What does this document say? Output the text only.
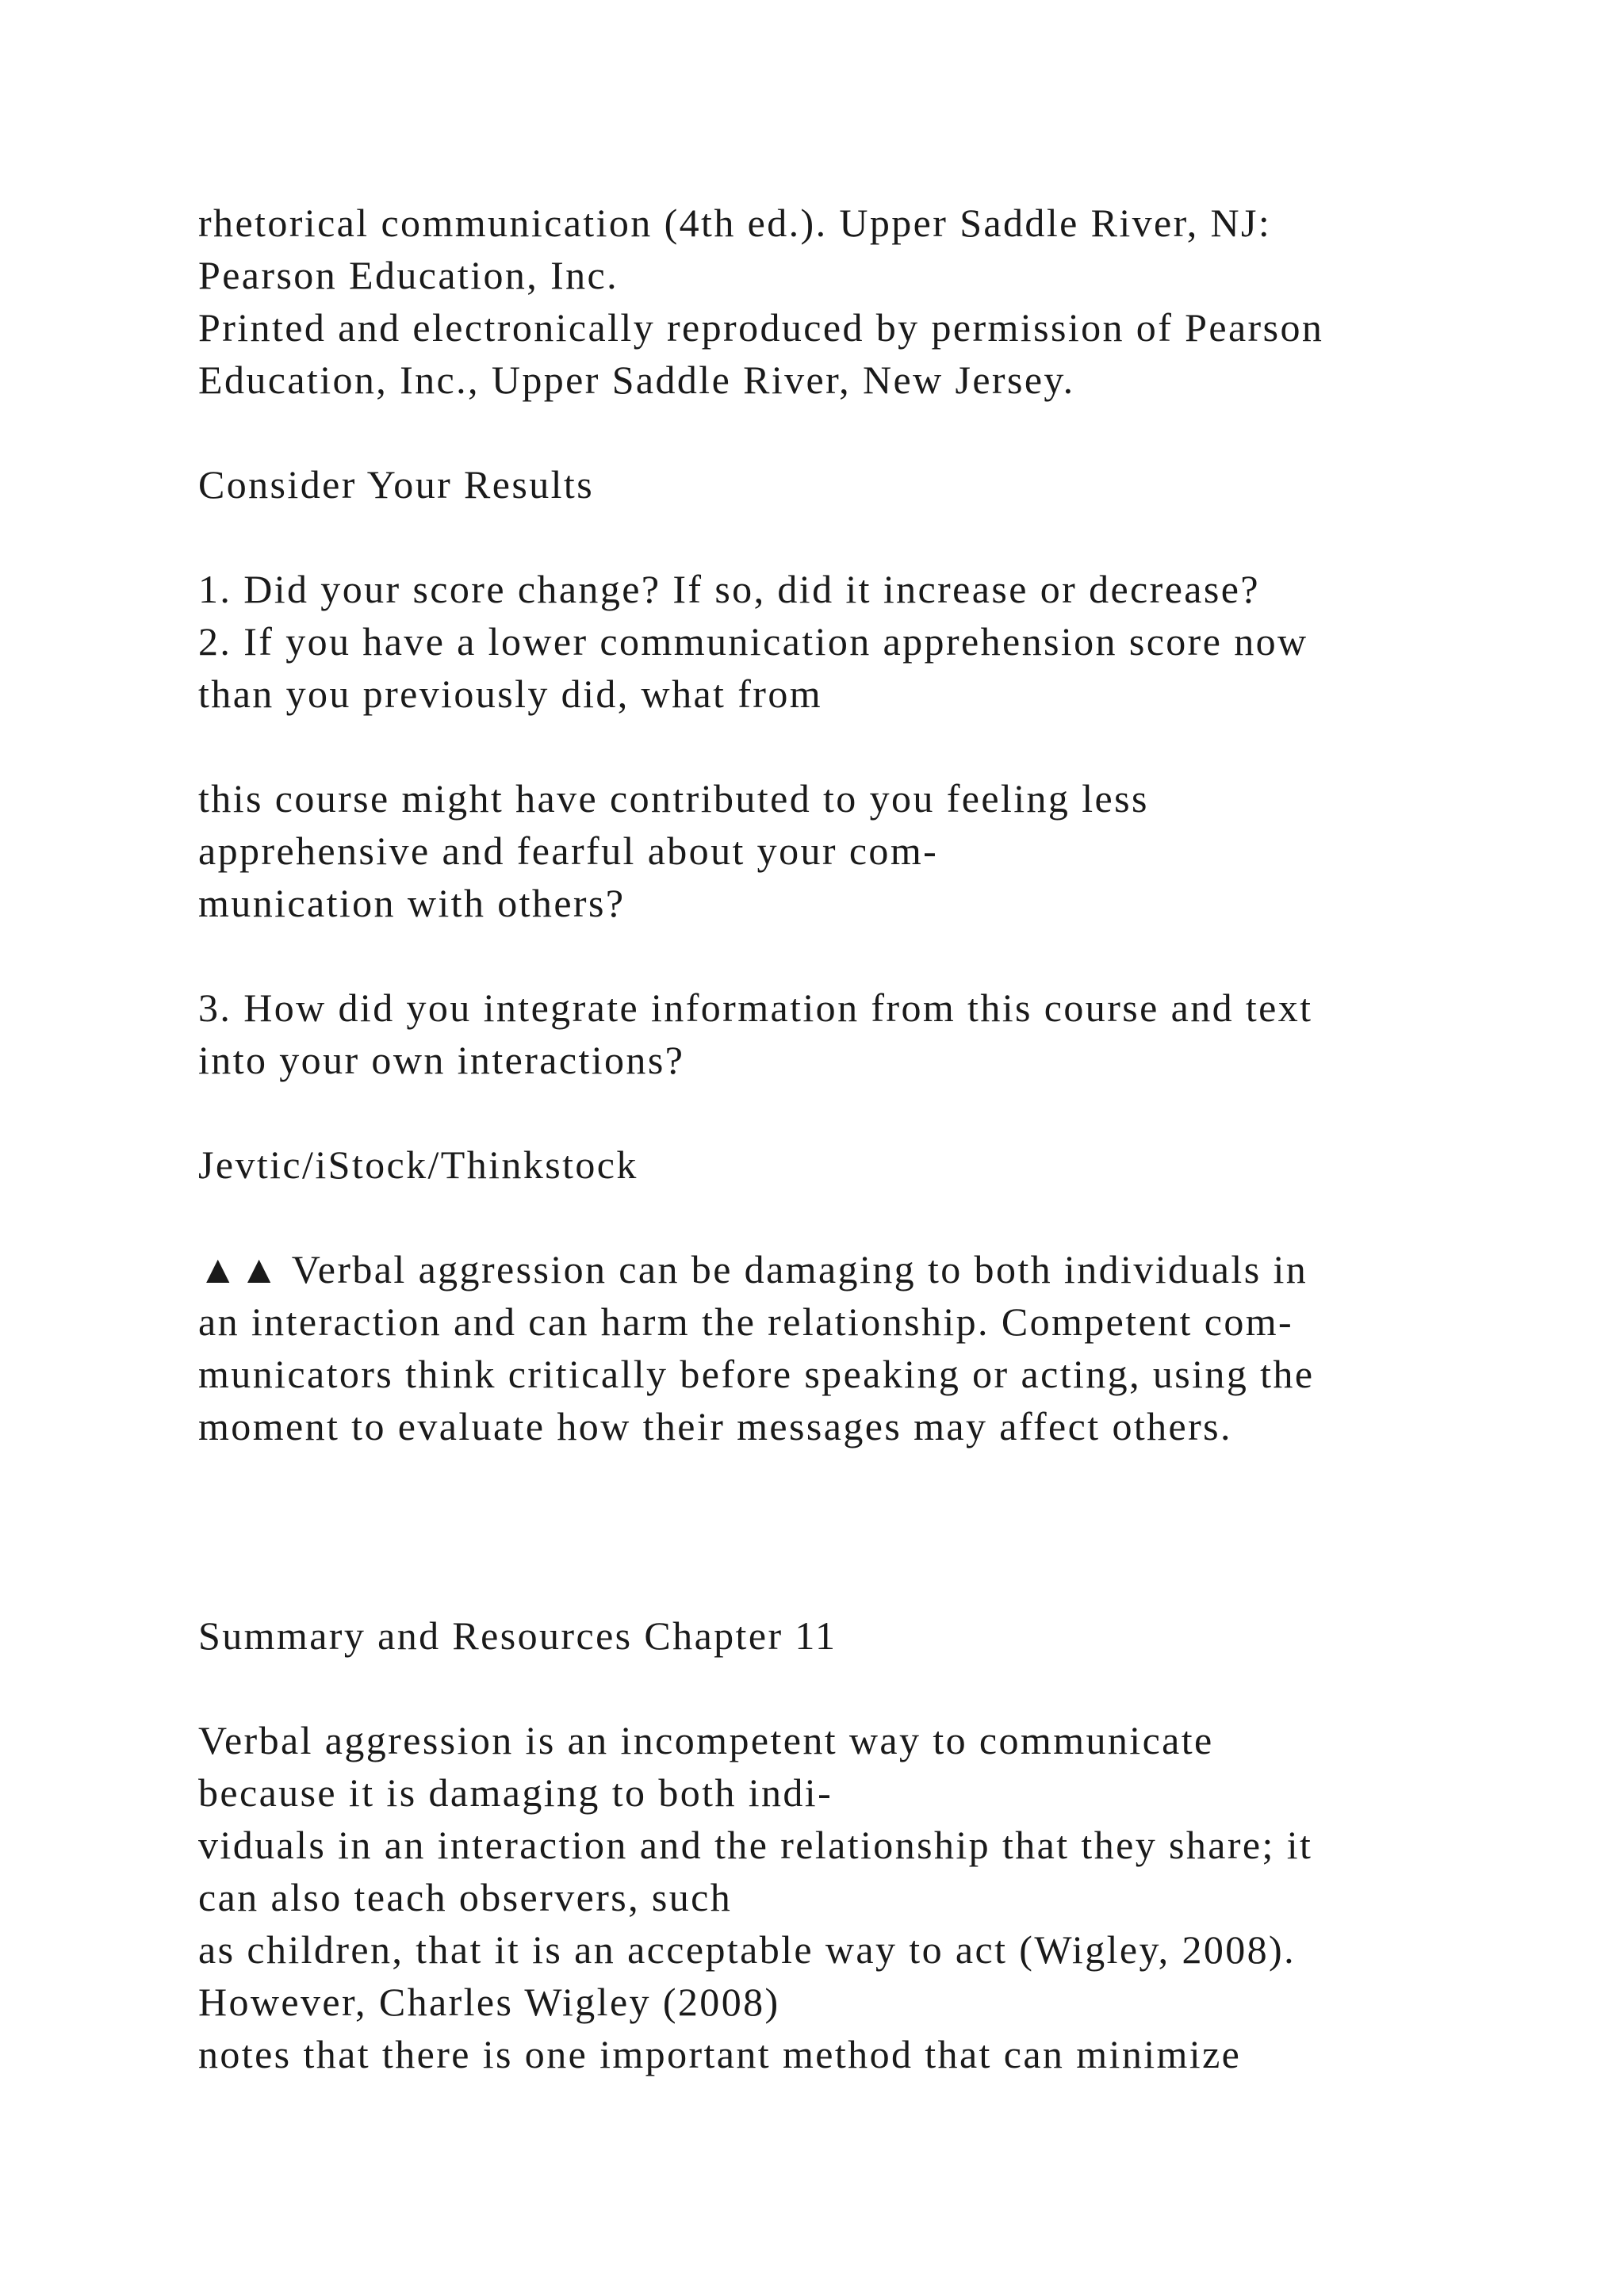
rhetorical communication (4th ed.). Upper Saddle River, NJ:
Pearson Education, Inc.
Printed and electronically reproduced by permission of Pearson
Education, Inc., Upper Saddle River, New Jersey.
Consider Your Results
1. Did your score change? If so, did it increase or decrease?
2. If you have a lower communication apprehension score now
than you previously did, what from
this course might have contributed to you feeling less
apprehensive and fearful about your com-
munication with others?
3. How did you integrate information from this course and text
into your own interactions?
Jevtic/iStock/Thinkstock
▲▲ Verbal aggression can be damaging to both individuals in
an interaction and can harm the relationship. Competent com-
municators think critically before speaking or acting, using the
moment to evaluate how their messages may affect others.
Summary and Resources Chapter 11
Verbal aggression is an incompetent way to communicate
because it is damaging to both indi-
viduals in an interaction and the relationship that they share; it
can also teach observers, such
as children, that it is an acceptable way to act (Wigley, 2008).
However, Charles Wigley (2008)
notes that there is one important method that can minimize
